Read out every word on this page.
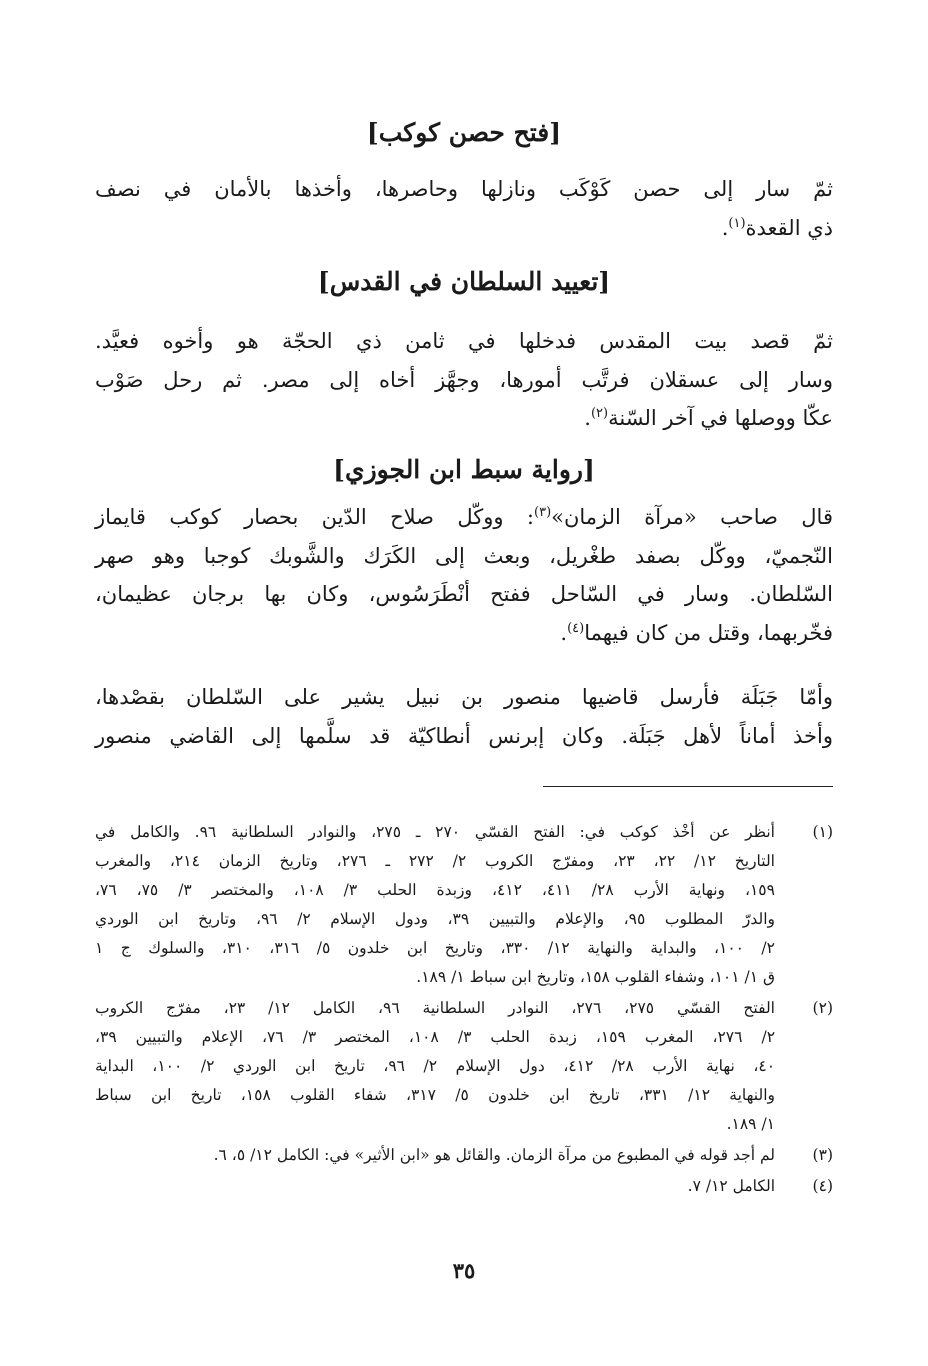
[فتح حصن كوكب]

ثمّ سار إلى حصن كَوْكَب ونازلها وحاصرها، وأخذها بالأمان في نصف
ذي القعدة$^{(١)}$.

[تعييد السلطان في القدس]

ثمّ قصد بيت المقدس فدخلها في ثامن ذي الحجّة هو وأخوه فعيَّد.
وسار إلى عسقلان فرتَّب أمورها، وجهَّز أخاه إلى مصر. ثم رحل صَوْب
عكّا ووصلها في آخر السّنة$^{(٢)}$.

[رواية سبط ابن الجوزي]

قال صاحب «مرآة الزمان»$^{(٣)}$: ووكّل صلاح الدّين بحصار كوكب قايماز
النّجميّ، ووكّل بصفد طغْريل، وبعث إلى الكَرَك والشَّوبك كوجبا وهو صهر
السّلطان. وسار في السّاحل ففتح أنْطَرَسُوس، وكان بها برجان عظيمان،
فخّربهما، وقتل من كان فيهما$^{(٤)}$.

وأمّا جَبَلَة فأرسل قاضيها منصور بن نبيل يشير على السّلطان بقصْدها،
وأخذ أماناً لأهل جَبَلَة. وكان إبرنس أنطاكيّة قد سلَّمها إلى القاضي منصور

(١)
أنظر عن أخْذ كوكب في: الفتح القسّي ٢٧٠ ـ ٢٧٥، والنوادر السلطانية ٩٦. والكامل في
التاريخ ١٢/ ٢٢، ٢٣، ومفرّج الكروب ٢/ ٢٧٢ ـ ٢٧٦، وتاريخ الزمان ٢١٤، والمغرب
١٥٩، ونهاية الأرب ٢٨/ ٤١١، ٤١٢، وزبدة الحلب ٣/ ١٠٨، والمختصر ٣/ ٧٥، ٧٦،
والدرّ المطلوب ٩٥، والإعلام والتبيين ٣٩، ودول الإسلام ٢/ ٩٦، وتاريخ ابن الوردي
٢/ ١٠٠، والبداية والنهاية ١٢/ ٣٣٠، وتاريخ ابن خلدون ٥/ ٣١٦، ٣١٠، والسلوك ج ١
ق ١/ ١٠١، وشفاء القلوب ١٥٨، وتاريخ ابن سباط ١/ ١٨٩.
(٢)
الفتح القسّي ٢٧٥، ٢٧٦، النوادر السلطانية ٩٦، الكامل ١٢/ ٢٣، مفرّج الكروب
٢/ ٢٧٦، المغرب ١٥٩، زبدة الحلب ٣/ ١٠٨، المختصر ٣/ ٧٦، الإعلام والتبيين ٣٩،
٤٠، نهاية الأرب ٢٨/ ٤١٢، دول الإسلام ٢/ ٩٦، تاريخ ابن الوردي ٢/ ١٠٠، البداية
والنهاية ١٢/ ٣٣١، تاريخ ابن خلدون ٥/ ٣١٧، شفاء القلوب ١٥٨، تاريخ ابن سباط
١/ ١٨٩.
(٣)
لم أجد قوله في المطبوع من مرآة الزمان. والقائل هو «ابن الأثير» في: الكامل ١٢/ ٥، ٦.
(٤)
الكامل ١٢/ ٧.
٣٥
